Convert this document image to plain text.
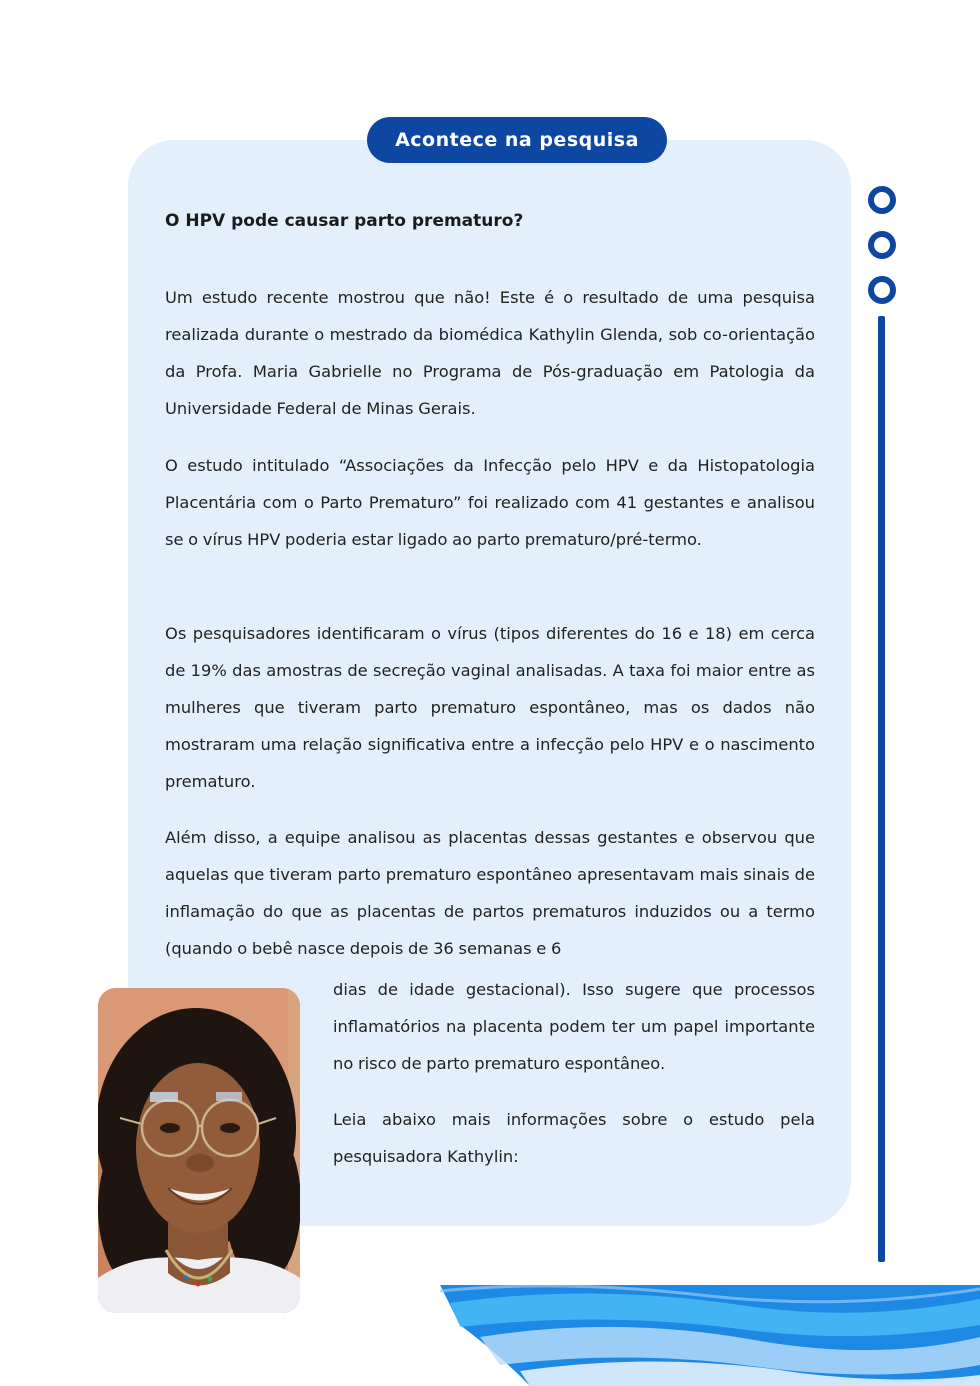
Acontece na pesquisa
O HPV pode causar parto prematuro?

Um estudo recente mostrou que não! Este é o resultado de uma pesquisa realizada durante o mestrado da biomédica Kathylin Glenda, sob co-orientação da Profa. Maria Gabrielle no Programa de Pós-graduação em Patologia da Universidade Federal de Minas Gerais.

O estudo intitulado “Associações da Infecção pelo HPV e da Histopatologia Placentária com o Parto Prematuro” foi realizado com 41 gestantes e analisou se o vírus HPV poderia estar ligado ao parto prematuro/pré-termo.

Os pesquisadores identificaram o vírus (tipos diferentes do 16 e 18) em cerca de 19% das amostras de secreção vaginal analisadas. A taxa foi maior entre as mulheres que tiveram parto prematuro espontâneo, mas os dados não mostraram uma relação significativa entre a infecção pelo HPV e o nascimento prematuro.

Além disso, a equipe analisou as placentas dessas gestantes e observou que aquelas que tiveram parto prematuro espontâneo apresentavam mais sinais de inflamação do que as placentas de partos prematuros induzidos ou a termo (quando o bebê nasce depois de 36 semanas e 6

dias de idade gestacional). Isso sugere que processos inflamatórios na placenta podem ter um papel importante no risco de parto prematuro espontâneo.

Leia abaixo mais informações sobre o estudo pela pesquisadora Kathylin:
